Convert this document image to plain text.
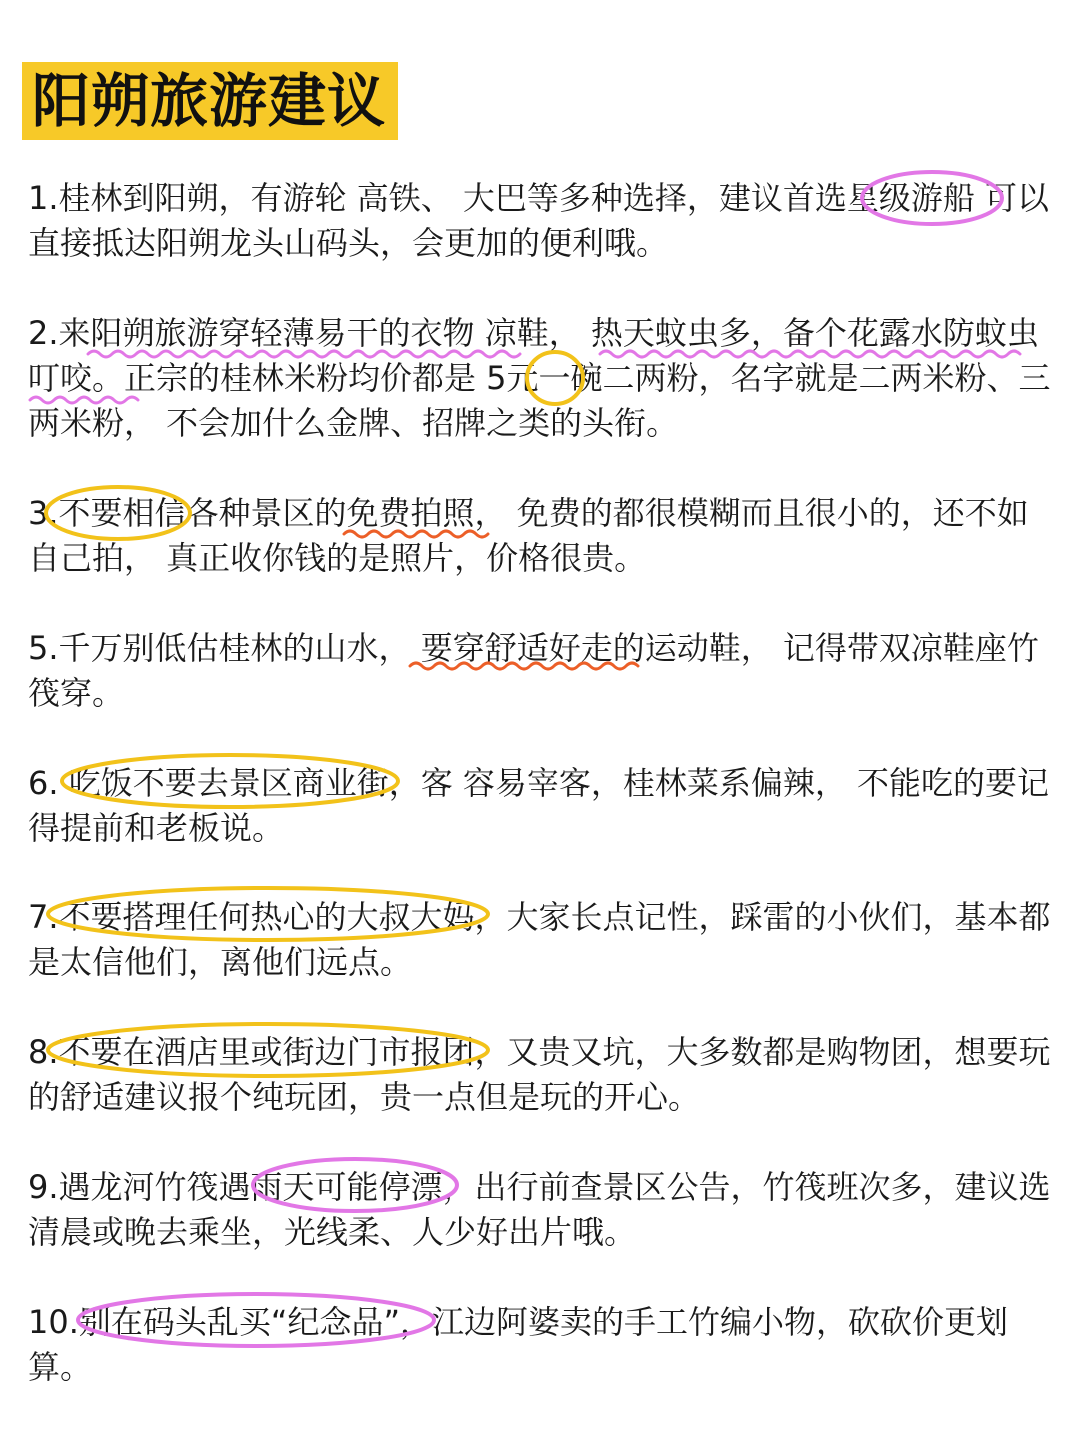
阳朔旅游建议

1.桂林到阳朔，有游轮 高铁、 大巴等多种选择，建议首选星级游船 可以直接抵达阳朔龙头山码头，会更加的便利哦。

2.来阳朔旅游穿轻薄易干的衣物 凉鞋， 热天蚊虫多，备个花露水防蚊虫叮咬。正宗的桂林米粉均价都是 5元一碗二两粉，名字就是二两米粉、三两米粉， 不会加什么金牌、招牌之类的头衔。

3.不要相信各种景区的免费拍照， 免费的都很模糊而且很小的，还不如自己拍， 真正收你钱的是照片，价格很贵。

5.千万别低估桂林的山水， 要穿舒适好走的运动鞋， 记得带双凉鞋座竹筏穿。

6. 吃饭不要去景区商业街，客 容易宰客，桂林菜系偏辣， 不能吃的要记得提前和老板说。

7.不要搭理任何热心的大叔大妈，大家长点记性，踩雷的小伙们，基本都是太信他们，离他们远点。

8.不要在酒店里或街边门市报团，又贵又坑，大多数都是购物团，想要玩的舒适建议报个纯玩团，贵一点但是玩的开心。

9.遇龙河竹筏遇雨天可能停漂，出行前查景区公告，竹筏班次多，建议选清晨或晚去乘坐，光线柔、人少好出片哦。

10.别在码头乱买“纪念品”，江边阿婆卖的手工竹编小物，砍砍价更划算。
